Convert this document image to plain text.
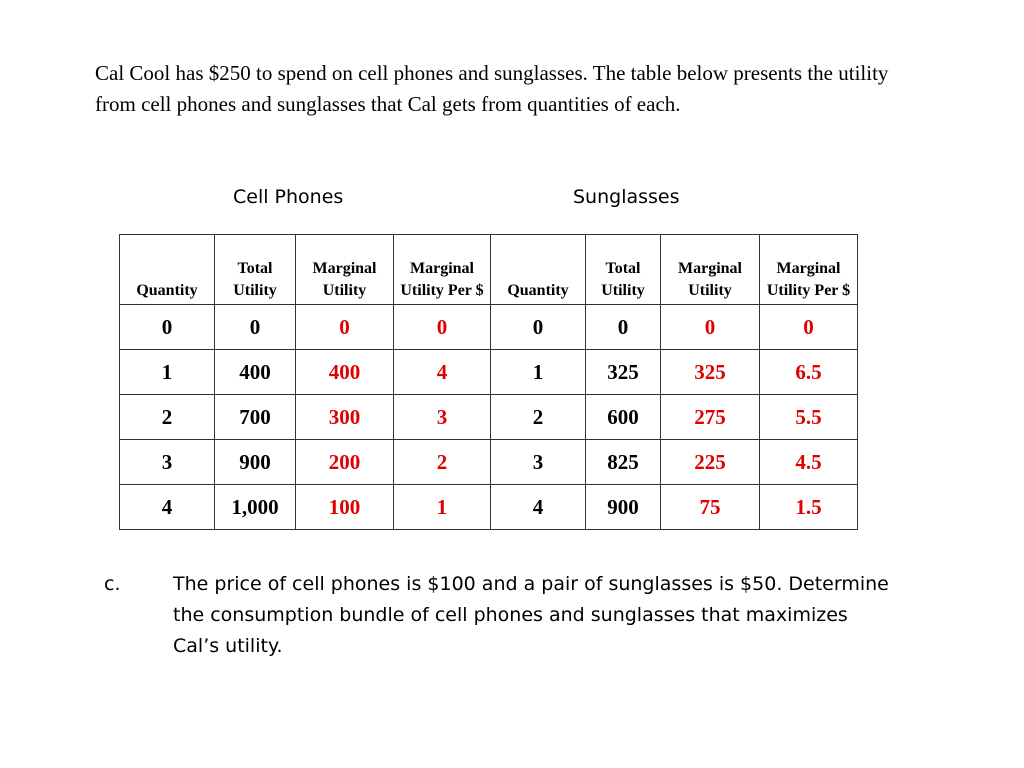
Cal Cool has $250 to spend on cell phones and sunglasses. The table below presents the utility from cell phones and sunglasses that Cal gets from quantities of each.

Cell Phones	Sunglasses
Quantity	Total Utility	Marginal Utility	Marginal Utility Per $	Quantity	Total Utility	Marginal Utility	Marginal Utility Per $
0	0	0	0	0	0	0	0
1	400	400	4	1	325	325	6.5
2	700	300	3	2	600	275	5.5
3	900	200	2	3	825	225	4.5
4	1,000	100	1	4	900	75	1.5
c.	The price of cell phones is $100 and a pair of sunglasses is $50. Determine the consumption bundle of cell phones and sunglasses that maximizes Cal’s utility.
